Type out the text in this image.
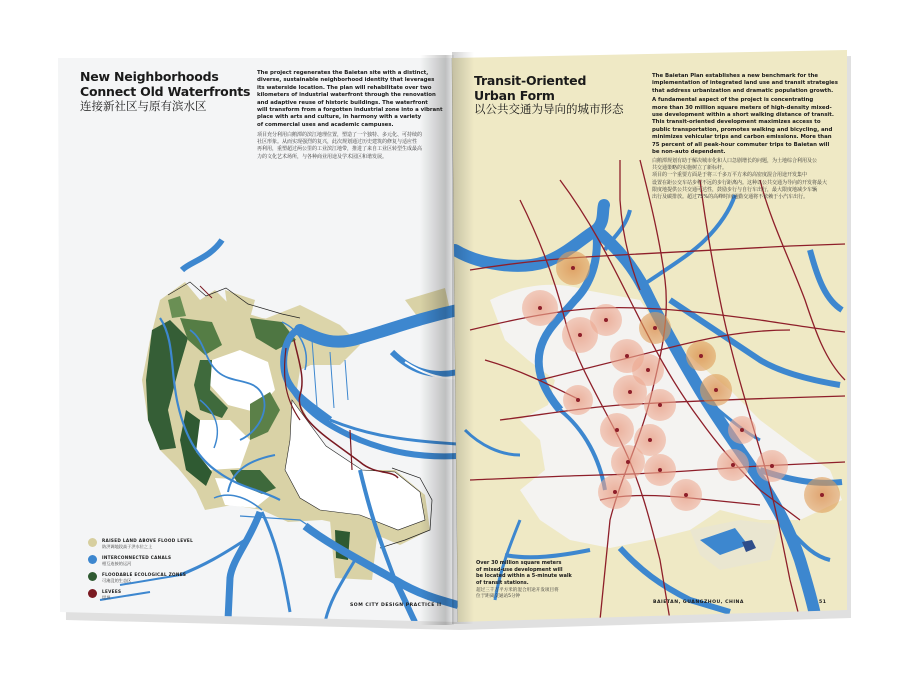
New Neighborhoods
Connect Old Waterfronts
连接新社区与原有滨水区
The project regenerates the Baietan site with a distinct,
diverse, sustainable neighborhood identity that leverages
its waterside location. The plan will rehabilitate over two
kilometers of industrial waterfront through the renovation
and adaptive reuse of historic buildings. The waterfront
will transform from a forgotten industrial zone into a vibrant
place with arts and culture, in harmony with a variety
of commercial uses and academic campuses.
项目充分利用白鹅潭的滨江地理位置，塑造了一个独特、多元化、可持续的
社区形象。从而实现强烈的复兴，此次规划通过历史建筑的修复与适应性
再利用，重塑超过两公里的工业滨江地带，推进了来自工业区转型生成最高
力的文化艺术场所，与各种商业用途及学术园区和谐发展。
RAISED LAND ABOVE FLOOD LEVEL
防洪调地段高于洪水位之上
INTERCONNECTED CANALS
相互连接的运河
FLOODABLE ECOLOGICAL ZONES
可淹没的生态区
LEVEES
堤坝
SOM CITY DESIGN PRACTICE II
Transit-Oriented
Urban Form
以公共交通为导向的城市形态
The Baietan Plan establishes a new benchmark for the
implementation of integrated land use and transit strategies
that address urbanization and dramatic population growth.
A fundamental aspect of the project is concentrating
more than 30 million square meters of high-density mixed-
use development within a short walking distance of transit.
This transit-oriented development maximizes access to
public transportation, promotes walking and bicycling, and
minimizes vehicular trips and carbon emissions. More than
75 percent of all peak-hour commuter trips to Baietan will
be non-auto dependent.
白鹅潭规划有助于解决城市化和人口急剧增长的问题，为土地综合利用及公
共交通策略的实施树立了新标杆。
项目的一个重要方面是于将三千多万平方米的高密度混合用途开发集中
设置在距公交车站步程不远的步行距离内。这种以公共交通为导向的开发将最大
限度地提供公共交通可达性，鼓励步行与自行车出行，最大限度地减少车辆
出行及碳排放。超过75%的高峰时间通勤交通将不依赖于小汽车出行。
Over 30 million square meters
of mixed-use development will
be located within a 5-minute walk
of transit stations.
超过三千万平方米的混合用途开发项目将
位于距离交通站5分钟
BAIETAN, GUANGZHOU, CHINA	51
